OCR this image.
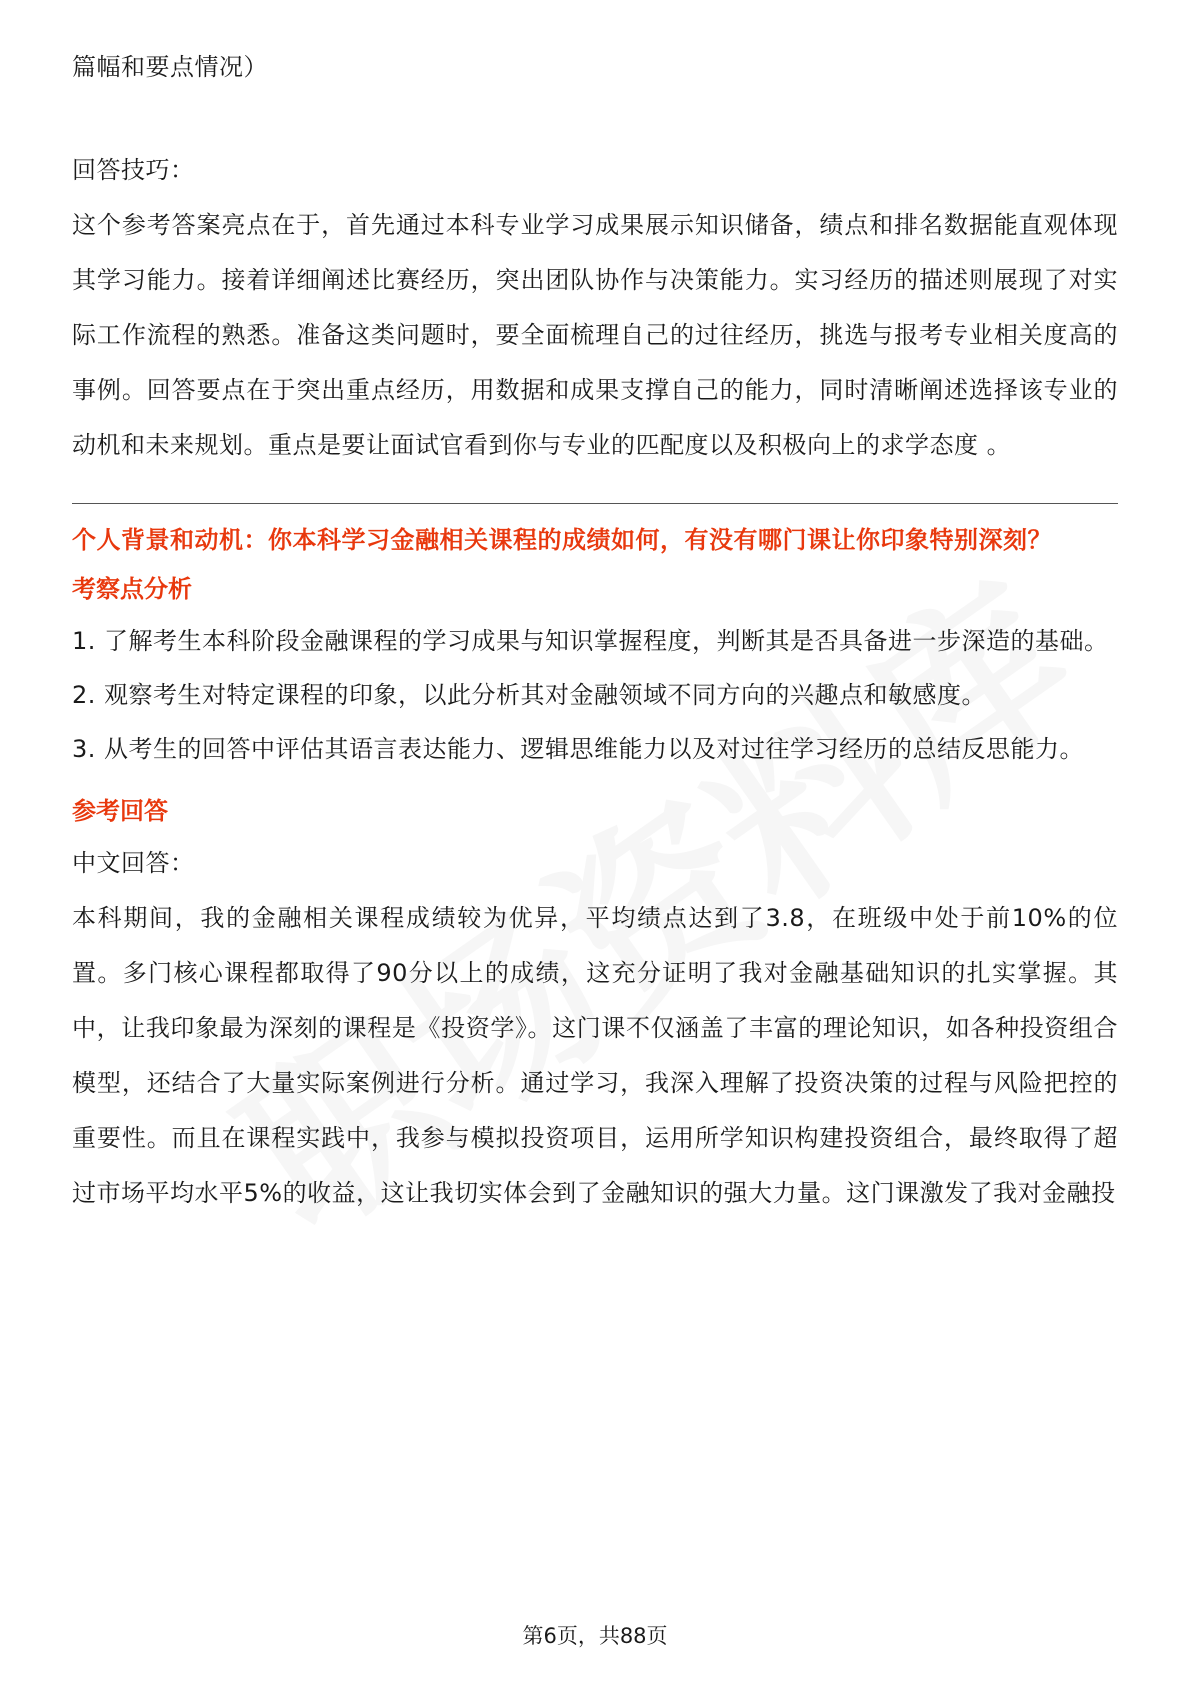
篇幅和要点情况）

回答技巧：

这个参考答案亮点在于，首先通过本科专业学习成果展示知识储备，绩点和排名数据能直观体现其学习能力。接着详细阐述比赛经历，突出团队协作与决策能力。实习经历的描述则展现了对实际工作流程的熟悉。准备这类问题时，要全面梳理自己的过往经历，挑选与报考专业相关度高的事例。回答要点在于突出重点经历，用数据和成果支撑自己的能力，同时清晰阐述选择该专业的动机和未来规划。重点是要让面试官看到你与专业的匹配度以及积极向上的求学态度 。

个人背景和动机：你本科学习金融相关课程的成绩如何，有没有哪门课让你印象特别深刻？

考察点分析

1. 了解考生本科阶段金融课程的学习成果与知识掌握程度，判断其是否具备进一步深造的基础。

2. 观察考生对特定课程的印象，以此分析其对金融领域不同方向的兴趣点和敏感度。

3. 从考生的回答中评估其语言表达能力、逻辑思维能力以及对过往学习经历的总结反思能力。

参考回答

中文回答：

本科期间，我的金融相关课程成绩较为优异，平均绩点达到了3.8，在班级中处于前10%的位置。多门核心课程都取得了90分以上的成绩，这充分证明了我对金融基础知识的扎实掌握。其中，让我印象最为深刻的课程是《投资学》。这门课不仅涵盖了丰富的理论知识，如各种投资组合模型，还结合了大量实际案例进行分析。通过学习，我深入理解了投资决策的过程与风险把控的重要性。而且在课程实践中，我参与模拟投资项目，运用所学知识构建投资组合，最终取得了超过市场平均水平5%的收益，这让我切实体会到了金融知识的强大力量。这门课激发了我对金融投

第6页，共88页
